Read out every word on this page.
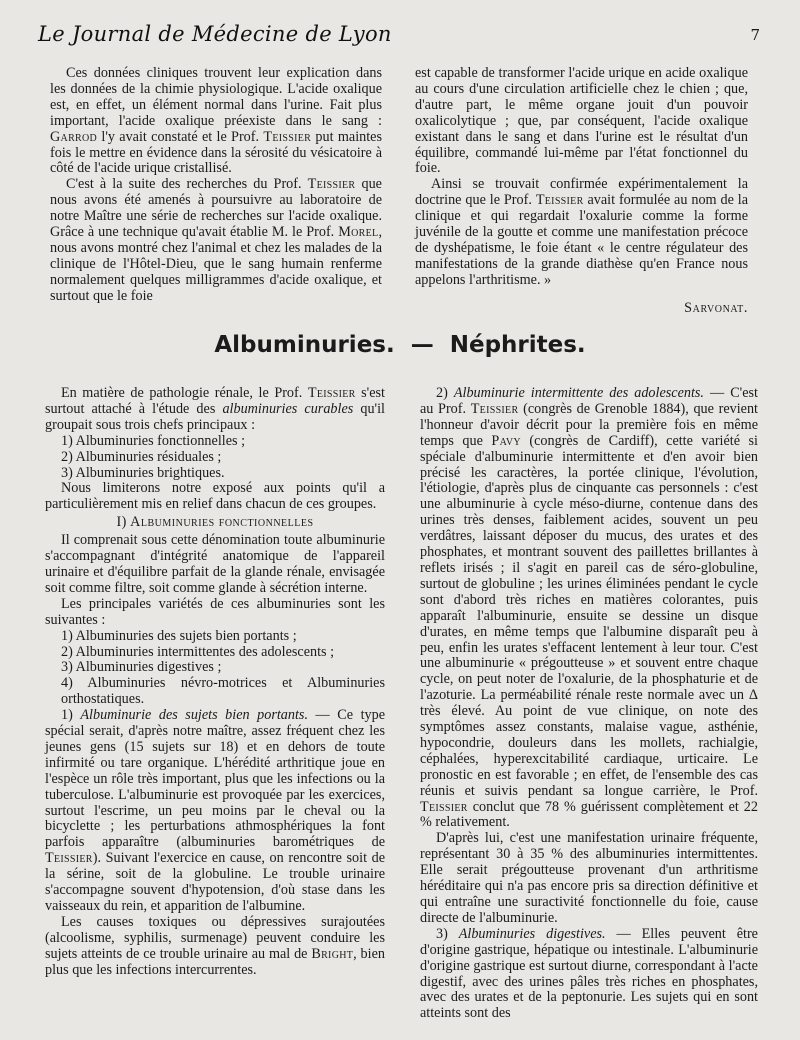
Le Journal de Médecine de Lyon	7

Ces données cliniques trouvent leur explication dans les données de la chimie physiologique. L'acide oxalique est, en effet, un élément normal dans l'urine. Fait plus important, l'acide oxalique préexiste dans le sang : Garrod l'y avait constaté et le Prof. Teissier put maintes fois le mettre en évidence dans la sérosité du vésicatoire à côté de l'acide urique cristallisé.

C'est à la suite des recherches du Prof. Teissier que nous avons été amenés à poursuivre au laboratoire de notre Maître une série de recherches sur l'acide oxalique. Grâce à une technique qu'avait établie M. le Prof. Morel, nous avons montré chez l'animal et chez les malades de la clinique de l'Hôtel-Dieu, que le sang humain renferme normalement quelques milligrammes d'acide oxalique, et surtout que le foie

est capable de transformer l'acide urique en acide oxalique au cours d'une circulation artificielle chez le chien ; que, d'autre part, le même organe jouit d'un pouvoir oxalicolytique ; que, par conséquent, l'acide oxalique existant dans le sang et dans l'urine est le résultat d'un équilibre, commandé lui-même par l'état fonctionnel du foie.

Ainsi se trouvait confirmée expérimentalement la doctrine que le Prof. Teissier avait formulée au nom de la clinique et qui regardait l'oxalurie comme la forme juvénile de la goutte et comme une manifestation précoce de dyshépatisme, le foie étant « le centre régulateur des manifestations de la grande diathèse qu'en France nous appelons l'arthritisme. »

Sarvonat.

Albuminuries. — Néphrites.

En matière de pathologie rénale, le Prof. Teissier s'est surtout attaché à l'étude des albuminuries curables qu'il groupait sous trois chefs principaux :

1) Albuminuries fonctionnelles ;

2) Albuminuries résiduales ;

3) Albuminuries brightiques.

Nous limiterons notre exposé aux points qu'il a particulièrement mis en relief dans chacun de ces groupes.

I) Albuminuries fonctionnelles

Il comprenait sous cette dénomination toute albuminurie s'accompagnant d'intégrité anatomique de l'appareil urinaire et d'équilibre parfait de la glande rénale, envisagée soit comme filtre, soit comme glande à sécrétion interne.

Les principales variétés de ces albuminuries sont les suivantes :

1) Albuminuries des sujets bien portants ;

2) Albuminuries intermittentes des adolescents ;

3) Albuminuries digestives ;

4) Albuminuries névro-motrices et Albuminuries orthostatiques.

1) Albuminurie des sujets bien portants. — Ce type spécial serait, d'après notre maître, assez fréquent chez les jeunes gens (15 sujets sur 18) et en dehors de toute infirmité ou tare organique. L'hérédité arthritique joue en l'espèce un rôle très important, plus que les infections ou la tuberculose. L'albuminurie est provoquée par les exercices, surtout l'escrime, un peu moins par le cheval ou la bicyclette ; les perturbations athmosphériques la font parfois apparaître (albuminuries barométriques de Teissier). Suivant l'exercice en cause, on rencontre soit de la sérine, soit de la globuline. Le trouble urinaire s'accompagne souvent d'hypotension, d'où stase dans les vaisseaux du rein, et apparition de l'albumine.

Les causes toxiques ou dépressives surajoutées (alcoolisme, syphilis, surmenage) peuvent conduire les sujets atteints de ce trouble urinaire au mal de Bright, bien plus que les infections intercurrentes.

2) Albuminurie intermittente des adolescents. — C'est au Prof. Teissier (congrès de Grenoble 1884), que revient l'honneur d'avoir décrit pour la première fois en même temps que Pavy (congrès de Cardiff), cette variété si spéciale d'albuminurie intermittente et d'en avoir bien précisé les caractères, la portée clinique, l'évolution, l'étiologie, d'après plus de cinquante cas personnels : c'est une albuminurie à cycle méso-diurne, contenue dans des urines très denses, faiblement acides, souvent un peu verdâtres, laissant déposer du mucus, des urates et des phosphates, et montrant souvent des paillettes brillantes à reflets irisés ; il s'agit en pareil cas de séro-globuline, surtout de globuline ; les urines éliminées pendant le cycle sont d'abord très riches en matières colorantes, puis apparaît l'albuminurie, ensuite se dessine un disque d'urates, en même temps que l'albumine disparaît peu à peu, enfin les urates s'effacent lentement à leur tour. C'est une albuminurie « prégoutteuse » et souvent entre chaque cycle, on peut noter de l'oxalurie, de la phosphaturie et de l'azoturie. La perméabilité rénale reste normale avec un Δ très élevé. Au point de vue clinique, on note des symptômes assez constants, malaise vague, asthénie, hypocondrie, douleurs dans les mollets, rachialgie, céphalées, hyperexcitabilité cardiaque, urticaire. Le pronostic en est favorable ; en effet, de l'ensemble des cas réunis et suivis pendant sa longue carrière, le Prof. Teissier conclut que 78 % guérissent complètement et 22 % relativement.

D'après lui, c'est une manifestation urinaire fréquente, représentant 30 à 35 % des albuminuries intermittentes. Elle serait prégoutteuse provenant d'un arthritisme héréditaire qui n'a pas encore pris sa direction définitive et qui entraîne une suractivité fonctionnelle du foie, cause directe de l'albuminurie.

3) Albuminuries digestives. — Elles peuvent être d'origine gastrique, hépatique ou intestinale. L'albuminurie d'origine gastrique est surtout diurne, correspondant à l'acte digestif, avec des urines pâles très riches en phosphates, avec des urates et de la peptonurie. Les sujets qui en sont atteints sont des
